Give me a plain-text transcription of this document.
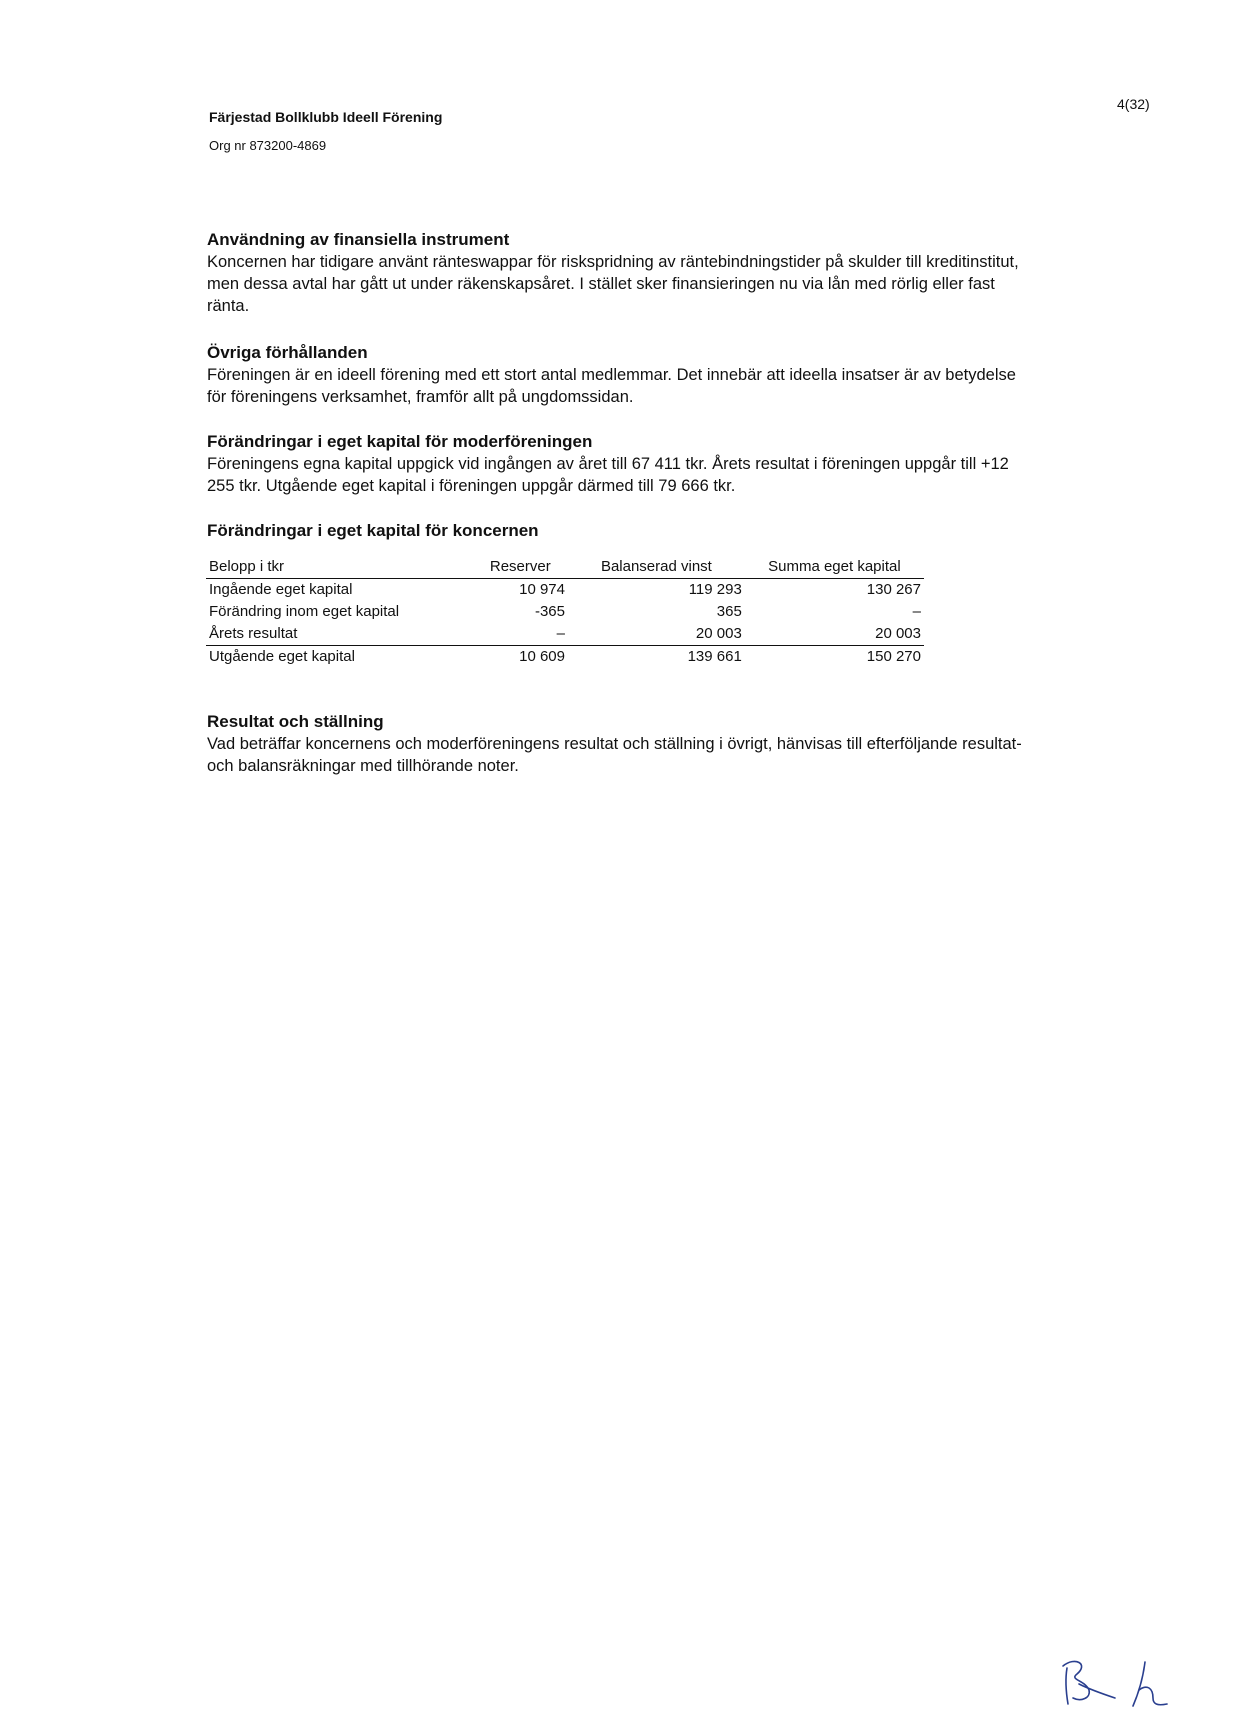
4(32)
Färjestad Bollklubb Ideell Förening
Org nr 873200-4869
Användning av finansiella instrument

Koncernen har tidigare använt ränteswappar för riskspridning av räntebindningstider på skulder till kreditinstitut, men dessa avtal har gått ut under räkenskapsåret. I stället sker finansieringen nu via lån med rörlig eller fast ränta.

Övriga förhållanden

Föreningen är en ideell förening med ett stort antal medlemmar. Det innebär att ideella insatser är av betydelse för föreningens verksamhet, framför allt på ungdomssidan.

Förändringar i eget kapital för moderföreningen

Föreningens egna kapital uppgick vid ingången av året till 67 411 tkr. Årets resultat i föreningen uppgår till +12 255 tkr. Utgående eget kapital i föreningen uppgår därmed till 79 666 tkr.

Förändringar i eget kapital för koncernen
Belopp i tkr	Reserver	Balanserad vinst	Summa eget kapital
Ingående eget kapital	10 974	119 293	130 267
Förändring inom eget kapital	-365	365	–
Årets resultat	–	20 003	20 003
Utgående eget kapital	10 609	139 661	150 270
Resultat och ställning

Vad beträffar koncernens och moderföreningens resultat och ställning i övrigt, hänvisas till efterföljande resultat- och balansräkningar med tillhörande noter.
